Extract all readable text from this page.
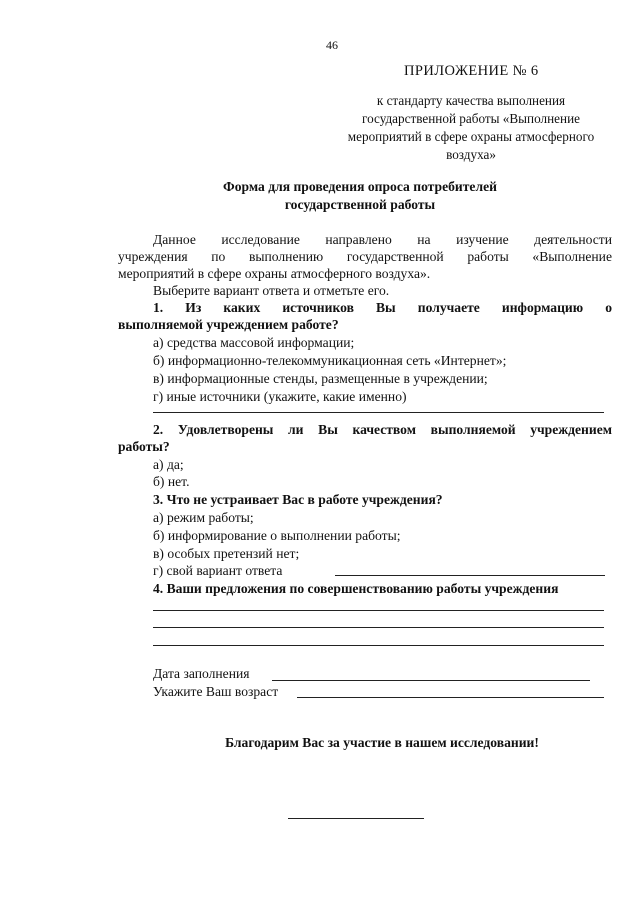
46
ПРИЛОЖЕНИЕ № 6
к стандарту качества выполнения
государственной работы «Выполнение
мероприятий в сфере охраны атмосферного
воздуха»
Форма для проведения опроса потребителей
государственной работы
Данное исследование направлено на изучение деятельности
учреждения по выполнению государственной работы «Выполнение
мероприятий в сфере охраны атмосферного воздуха».
Выберите вариант ответа и отметьте его.
1. Из каких источников Вы получаете информацию о
выполняемой учреждением работе?
а) средства массовой информации;
б) информационно-телекоммуникационная сеть «Интернет»;
в) информационные стенды, размещенные в учреждении;
г) иные источники (укажите, какие именно)
2. Удовлетворены ли Вы качеством выполняемой учреждением
работы?
а) да;
б) нет.
3. Что не устраивает Вас в работе учреждения?
а) режим работы;
б) информирование о выполнении работы;
в) особых претензий нет;
г) свой вариант ответа
4. Ваши предложения по совершенствованию работы учреждения
Дата заполнения
Укажите Ваш возраст
Благодарим Вас за участие в нашем исследовании!
